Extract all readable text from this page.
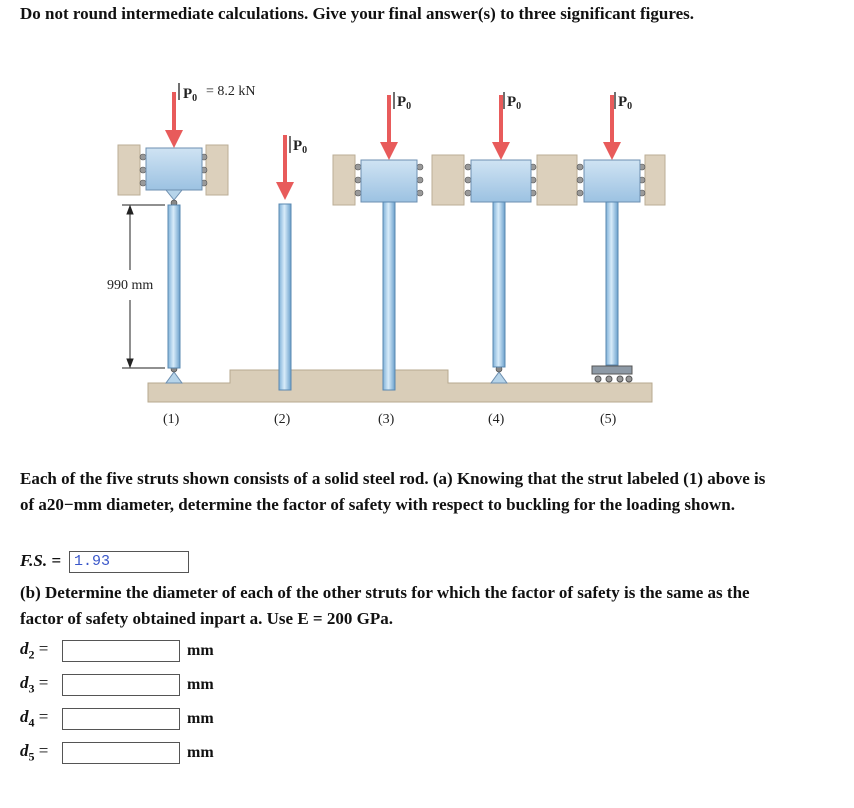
Do not round intermediate calculations. Give your final answer(s) to three significant figures.
$P_0 = 8.2$ kN
$P_0$
$P_0$	$P_0$	$P_0$
990 mm
(1)	(2)	(3)	(4)	(5)
Each of the five struts shown consists of a solid steel rod. (a) Knowing that the strut labeled (1) above is of a20−mm diameter, determine the factor of safety with respect to buckling for the loading shown.
F.S. = 1.93
(b) Determine the diameter of each of the other struts for which the factor of safety is the same as the factor of safety obtained inpart a. Use E = 200 GPa.
$d_2$ =	mm
$d_3$ =	mm
$d_4$ =	mm
$d_5$ =	mm
